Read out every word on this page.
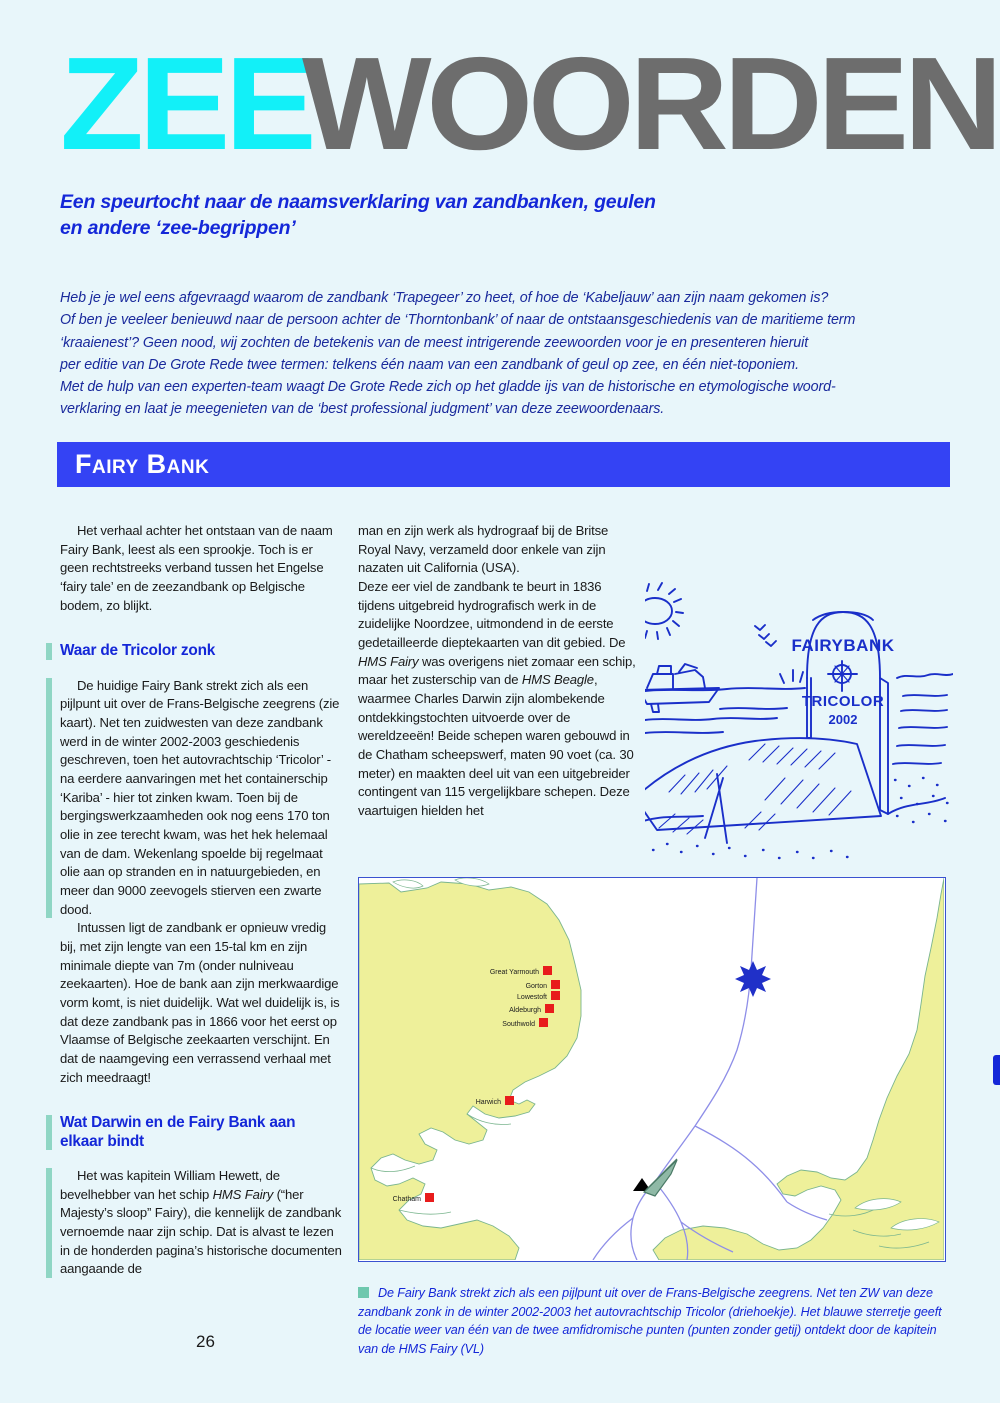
ZEEWOORDEN
Een speurtocht naar de naamsverklaring van zandbanken, geulen
en andere ‘zee-begrippen’
Heb je je wel eens afgevraagd waarom de zandbank ‘Trapegeer’ zo heet, of hoe de ‘Kabeljauw’ aan zijn naam gekomen is?
Of ben je veeleer benieuwd naar de persoon achter de ‘Thorntonbank’ of naar de ontstaansgeschiedenis van de maritieme term
‘kraaienest’? Geen nood, wij zochten de betekenis van de meest intrigerende zeewoorden voor je en presenteren hieruit
per editie van De Grote Rede twee termen: telkens één naam van een zandbank of geul op zee, en één niet-toponiem.
Met de hulp van een experten-team waagt De Grote Rede zich op het gladde ijs van de historische en etymologische woord-
verklaring en laat je meegenieten van de ‘best professional judgment’ van deze zeewoordenaars.
Fairy Bank

Het verhaal achter het ontstaan van de naam Fairy Bank, leest als een sprookje. Toch is er geen rechtstreeks verband tussen het Engelse ‘fairy tale’ en de zeezandbank op Belgische bodem, zo blijkt.

Waar de Tricolor zonk

De huidige Fairy Bank strekt zich als een pijlpunt uit over de Frans-Belgische zeegrens (zie kaart). Net ten zuidwesten van deze zandbank werd in de winter 2002-2003 geschiedenis geschreven, toen het autovrachtschip ‘Tricolor’ - na eerdere aanvaringen met het containerschip ‘Kariba’ - hier tot zinken kwam. Toen bij de bergingswerkzaamheden ook nog eens 170 ton olie in zee terecht kwam, was het hek helemaal van de dam. Wekenlang spoelde bij regelmaat olie aan op stranden en in natuurgebieden, en meer dan 9000 zeevogels stierven een zwarte dood.

Intussen ligt de zandbank er opnieuw vredig bij, met zijn lengte van een 15-tal km en zijn minimale diepte van 7m (onder nulniveau zeekaarten). Hoe de bank aan zijn merkwaardige vorm komt, is niet duidelijk. Wat wel duidelijk is, is dat deze zandbank pas in 1866 voor het eerst op Vlaamse of Belgische zeekaarten verschijnt. En dat de naamgeving een verrassend verhaal met zich meedraagt!

Wat Darwin en de Fairy Bank aan
elkaar bindt

Het was kapitein William Hewett, de bevelhebber van het schip HMS Fairy (“her Majesty’s sloop” Fairy), die kennelijk de zandbank vernoemde naar zijn schip. Dat is alvast te lezen in de honderden pagina’s historische documenten aangaande de

man en zijn werk als hydrograaf bij de Britse Royal Navy, verzameld door enkele van zijn nazaten uit California (USA).

Deze eer viel de zandbank te beurt in 1836 tijdens uitgebreid hydrografisch werk in de zuidelijke Noordzee, uitmondend in de eerste gedetailleerde dieptekaarten van dit gebied. De HMS Fairy was overigens niet zomaar een schip, maar het zusterschip van de HMS Beagle, waarmee Charles Darwin zijn alombekende ontdekkingstochten uitvoerde over de wereldzeeën! Beide schepen waren gebouwd in de Chatham scheepswerf, maten 90 voet (ca. 30 meter) en maakten deel uit van een uitgebreider contingent van 115 vergelijkbare schepen. Deze vaartuigen hielden het

FAIRYBANK
TRICOLOR
2002
Great Yarmouth
Gorton
Lowestoft
Aldeburgh
Southwold
Harwich
Chatham
De Fairy Bank strekt zich als een pijlpunt uit over de Frans-Belgische zeegrens. Net ten ZW van deze zandbank zonk in de winter 2002-2003 het autovrachtschip Tricolor (driehoekje). Het blauwe sterretje geeft de locatie weer van één van de twee amfidromische punten (punten zonder getij) ontdekt door de kapitein van de HMS Fairy (VL)
26
